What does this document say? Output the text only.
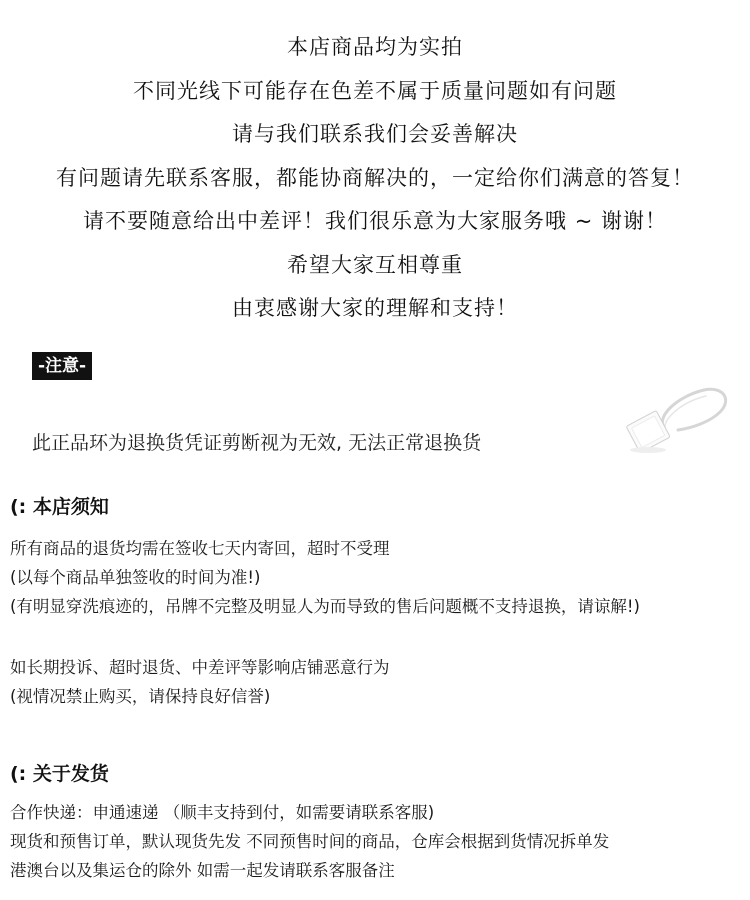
本店商品均为实拍
不同光线下可能存在色差不属于质量问题如有问题
请与我们联系我们会妥善解决
有问题请先联系客服，都能协商解决的，一定给你们满意的答复！
请不要随意给出中差评！我们很乐意为大家服务哦 ~ 谢谢！
希望大家互相尊重
由衷感谢大家的理解和支持！
-注意-
此正品环为退换货凭证剪断视为无效, 无法正常退换货
(: 本店须知
所有商品的退货均需在签收七天内寄回，超时不受理
(以每个商品单独签收的时间为准!)
(有明显穿洗痕迹的，吊牌不完整及明显人为而导致的售后问题概不支持退换，请谅解!)
如长期投诉、超时退货、中差评等影响店铺恶意行为
(视情况禁止购买，请保持良好信誉)
(: 关于发货
合作快递：申通速递 （顺丰支持到付，如需要请联系客服)
现货和预售订单，默认现货先发 不同预售时间的商品，仓库会根据到货情况拆单发
港澳台以及集运仓的除外 如需一起发请联系客服备注
